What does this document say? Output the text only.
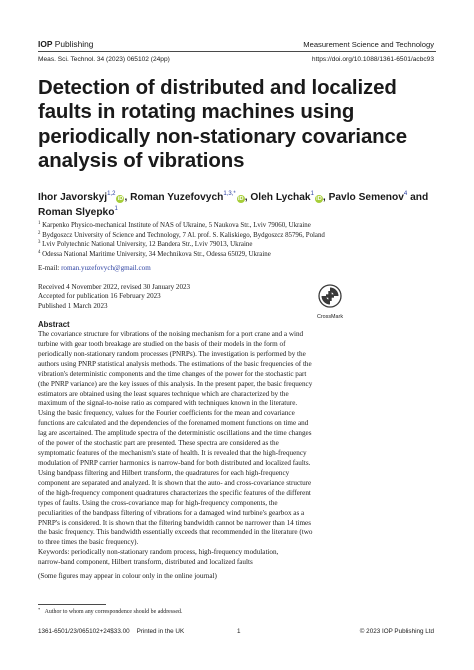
IOP Publishing	Measurement Science and Technology
Meas. Sci. Technol. 34 (2023) 065102 (24pp)	https://doi.org/10.1088/1361-6501/acbc93
Detection of distributed and localized faults in rotating machines using periodically non-stationary covariance analysis of vibrations
Ihor Javorskyj$^{1,2}$iD, Roman Yuzefovych$^{1,3,*}$iD, Oleh Lychak$^1$iD, Pavlo Semenov$^4$ and Roman Slyepko$^1$
$^1$ Karpenko Physico-mechanical Institute of NAS of Ukraine, 5 Naukova Str., Lviv 79060, Ukraine
$^2$ Bydgoszcz University of Science and Technology, 7 Al. prof. S. Kaliskiego, Bydgoszcz 85796, Poland
$^3$ Lviv Polytechnic National University, 12 Bandera Str., Lviv 79013, Ukraine
$^4$ Odessa National Maritime University, 34 Mechnikova Str., Odessa 65029, Ukraine
E-mail: roman.yuzefovych@gmail.com
Received 4 November 2022, revised 30 January 2023
Accepted for publication 16 February 2023
Published 1 March 2023
CrossMark
Abstract

The covariance structure for vibrations of the noising mechanism for a port crane and a wind

turbine with gear tooth breakage are studied on the basis of their models in the form of

periodically non-stationary random processes (PNRPs). The investigation is performed by the

authors using PNRP statistical analysis methods. The estimations of the basic frequencies of the

vibration's deterministic components and the time changes of the power for the stochastic part

(the PNRP variance) are the key issues of this analysis. In the present paper, the basic frequency

estimators are obtained using the least squares technique which are characterized by the

maximum of the signal-to-noise ratio as compared with techniques known in the literature.

Using the basic frequency, values for the Fourier coefficients for the mean and covariance

functions are calculated and the dependencies of the forenamed moment functions on time and

lag are ascertained. The amplitude spectra of the deterministic oscillations and the time changes

of the power of the stochastic part are presented. These spectra are considered as the

symptomatic features of the mechanism's state of health. It is revealed that the high-frequency

modulation of PNRP carrier harmonics is narrow-band for both distributed and localized faults.

Using bandpass filtering and Hilbert transform, the quadratures for each high-frequency

component are separated and analyzed. It is shown that the auto- and cross-covariance structure

of the high-frequency component quadratures characterizes the specific features of the different

types of faults. Using the cross-covariance map for high-frequency components, the

peculiarities of the bandpass filtering of vibrations for a damaged wind turbine's gearbox as a

PNRP's is considered. It is shown that the filtering bandwidth cannot be narrower than 14 times

the basic frequency. This bandwidth essentially exceeds that recommended in the literature (two

to three times the basic frequency).

Keywords: periodically non-stationary random process, high-frequency modulation,
narrow-band component, Hilbert transform, distributed and localized faults
(Some figures may appear in colour only in the online journal)
* Author to whom any correspondence should be addressed.
1361-6501/23/065102+24$33.00 Printed in the UK	1	© 2023 IOP Publishing Ltd
